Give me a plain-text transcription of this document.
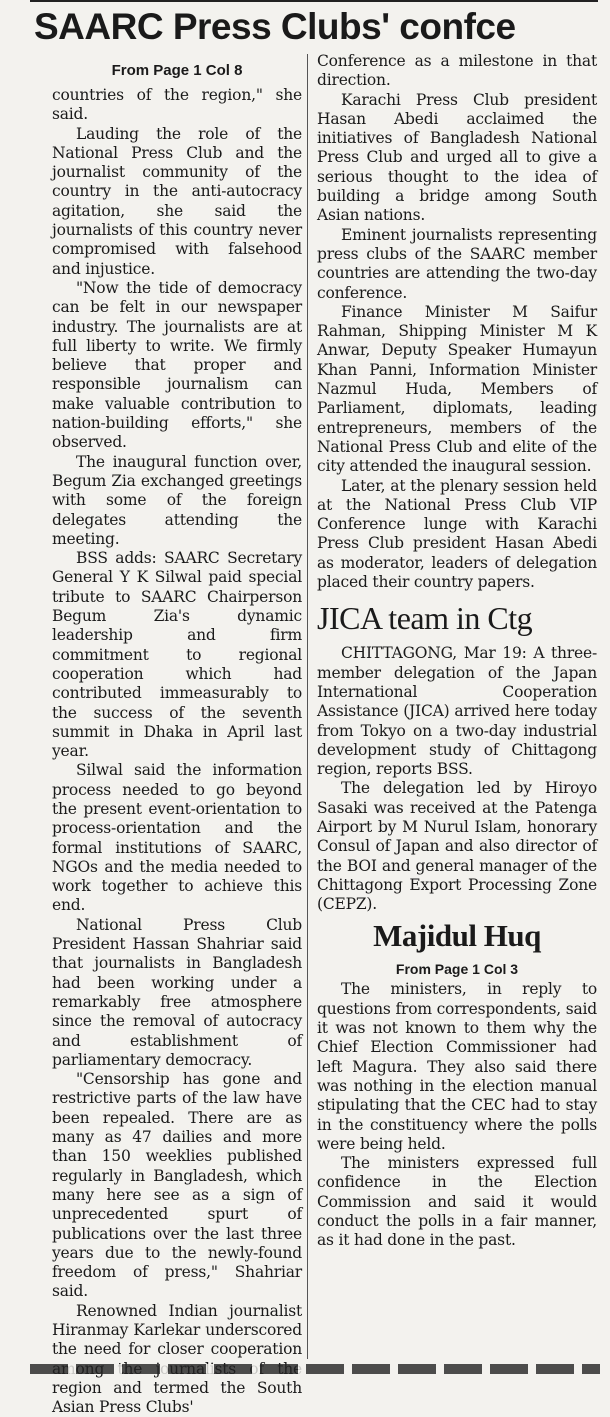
SAARC Press Clubs' confce
From Page 1 Col 8

countries of the region," she said.

Lauding the role of the National Press Club and the journalist community of the country in the anti-autocracy agitation, she said the journalists of this country never compromised with falsehood and injustice.

"Now the tide of democracy can be felt in our newspaper industry. The journalists are at full liberty to write. We firmly believe that proper and responsible journalism can make valuable contribution to nation-building efforts," she observed.

The inaugural function over, Begum Zia exchanged greetings with some of the foreign delegates attending the meeting.

BSS adds: SAARC Secretary General Y K Silwal paid special tribute to SAARC Chairperson Begum Zia's dynamic leadership and firm commitment to regional cooperation which had contributed immeasurably to the success of the seventh summit in Dhaka in April last year.

Silwal said the information process needed to go beyond the present event-orientation to process-orientation and the formal institutions of SAARC, NGOs and the media needed to work together to achieve this end.

National Press Club President Hassan Shahriar said that journalists in Bangladesh had been working under a remarkably free atmosphere since the removal of autocracy and establishment of parliamentary democracy.

"Censorship has gone and restrictive parts of the law have been repealed. There are as many as 47 dailies and more than 150 weeklies published regularly in Bangladesh, which many here see as a sign of unprecedented spurt of publications over the last three years due to the newly-found freedom of press," Shahriar said.

Renowned Indian journalist Hiranmay Karlekar underscored the need for closer cooperation region and termed the South Asian Press Clubs'

Conference as a milestone in that direction.

Karachi Press Club president Hasan Abedi acclaimed the initiatives of Bangladesh National Press Club and urged all to give a serious thought to the idea of building a bridge among South Asian nations.

Eminent journalists representing press clubs of the SAARC member countries are attending the two-day conference.

Finance Minister M Saifur Rahman, Shipping Minister M K Anwar, Deputy Speaker Humayun Khan Panni, Information Minister Nazmul Huda, Members of Parliament, diplomats, leading entrepreneurs, members of the National Press Club and elite of the city attended the inaugural session.

Later, at the plenary session held at the National Press Club VIP Conference lunge with Karachi Press Club president Hasan Abedi as moderator, leaders of delegation placed their country papers.

JICA team in Ctg

CHITTAGONG, Mar 19: A three-member delegation of the Japan International Cooperation Assistance (JICA) arrived here today from Tokyo on a two-day industrial development study of Chittagong region, reports BSS.

The delegation led by Hiroyo Sasaki was received at the Patenga Airport by M Nurul Islam, honorary Consul of Japan and also director of the BOI and general manager of the Chittagong Export Processing Zone (CEPZ).

Majidul Huq
From Page 1 Col 3

The ministers, in reply to questions from correspondents, said it was not known to them why the Chief Election Commissioner had left Magura. They also said there was nothing in the election manual stipulating that the CEC had to stay in the constituency where the polls were being held.

The ministers expressed full confidence in the Election Commission and said it would conduct the polls in a fair manner, as it had done in the past.
